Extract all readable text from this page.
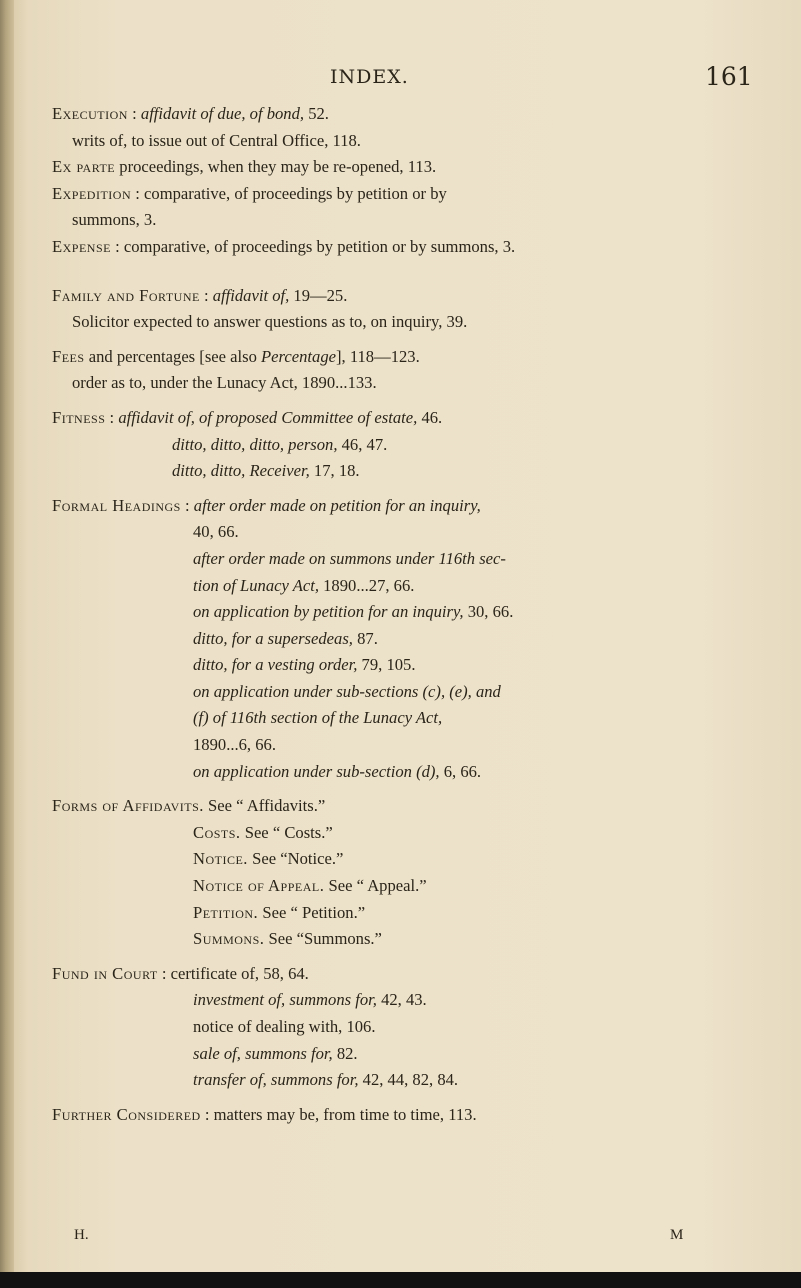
INDEX.	161
Execution : affidavit of due, of bond, 52.
writs of, to issue out of Central Office, 118.
Ex parte proceedings, when they may be re-opened, 113.
Expedition : comparative, of proceedings by petition or by
summons, 3.
Expense : comparative, of proceedings by petition or by summons, 3.
Family and Fortune : affidavit of, 19—25.
Solicitor expected to answer questions as to, on inquiry, 39.
Fees and percentages [see also Percentage], 118—123.
order as to, under the Lunacy Act, 1890...133.
Fitness : affidavit of, of proposed Committee of estate, 46.
ditto, ditto, ditto, person, 46, 47.
ditto, ditto, Receiver, 17, 18.
Formal Headings : after order made on petition for an inquiry,
40, 66.
after order made on summons under 116th sec-
tion of Lunacy Act, 1890...27, 66.
on application by petition for an inquiry, 30, 66.
ditto, for a supersedeas, 87.
ditto, for a vesting order, 79, 105.
on application under sub-sections (c), (e), and
(f) of 116th section of the Lunacy Act,
1890...6, 66.
on application under sub-section (d), 6, 66.
Forms of Affidavits. See “ Affidavits.”
Costs. See “ Costs.”
Notice. See “Notice.”
Notice of Appeal. See “ Appeal.”
Petition. See “ Petition.”
Summons. See “Summons.”
Fund in Court : certificate of, 58, 64.
investment of, summons for, 42, 43.
notice of dealing with, 106.
sale of, summons for, 82.
transfer of, summons for, 42, 44, 82, 84.
Further Considered : matters may be, from time to time, 113.
H.	M
